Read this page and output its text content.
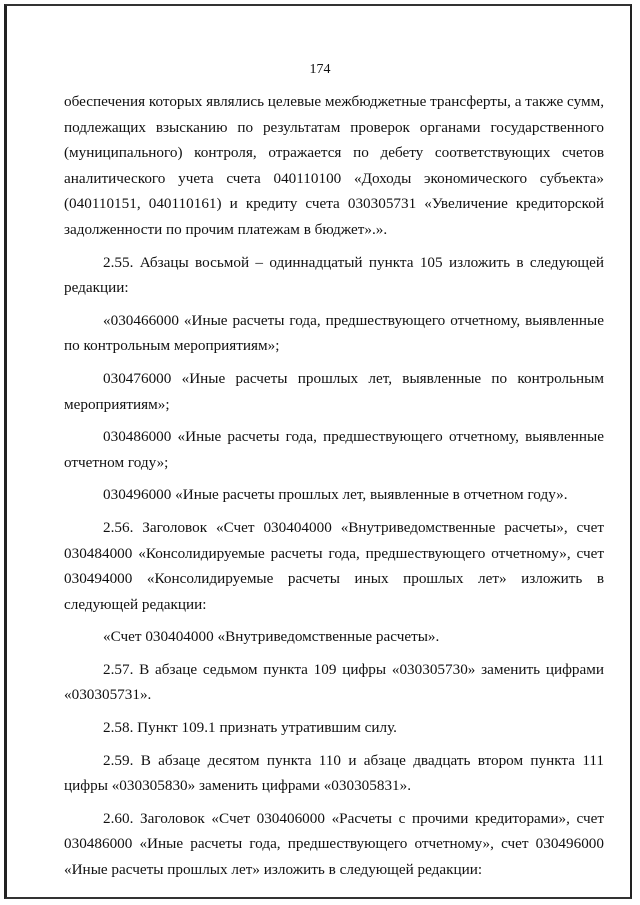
174

обеспечения которых являлись целевые межбюджетные трансферты, а также сумм, подлежащих взысканию по результатам проверок органами государственного (муниципального) контроля, отражается по дебету соответствующих счетов аналитического учета счета 040110100 «Доходы экономического субъекта» (040110151, 040110161) и кредиту счета 030305731 «Увеличение кредиторской задолженности по прочим платежам в бюджет».».

2.55. Абзацы восьмой – одиннадцатый пункта 105 изложить в следующей редакции:

«030466000 «Иные расчеты года, предшествующего отчетному, выявленные по контрольным мероприятиям»;

030476000 «Иные расчеты прошлых лет, выявленные по контрольным мероприятиям»;

030486000 «Иные расчеты года, предшествующего отчетному, выявленные отчетном году»;

030496000 «Иные расчеты прошлых лет, выявленные в отчетном году».

2.56. Заголовок «Счет 030404000 «Внутриведомственные расчеты», счет 030484000 «Консолидируемые расчеты года, предшествующего отчетному», счет 030494000 «Консолидируемые расчеты иных прошлых лет» изложить в следующей редакции:

«Счет 030404000 «Внутриведомственные расчеты».

2.57. В абзаце седьмом пункта 109 цифры «030305730» заменить цифрами «030305731».

2.58. Пункт 109.1 признать утратившим силу.

2.59. В абзаце десятом пункта 110 и абзаце двадцать втором пункта 111 цифры «030305830» заменить цифрами «030305831».

2.60. Заголовок «Счет 030406000 «Расчеты с прочими кредиторами», счет 030486000 «Иные расчеты года, предшествующего отчетному», счет 030496000 «Иные расчеты прошлых лет» изложить в следующей редакции:
